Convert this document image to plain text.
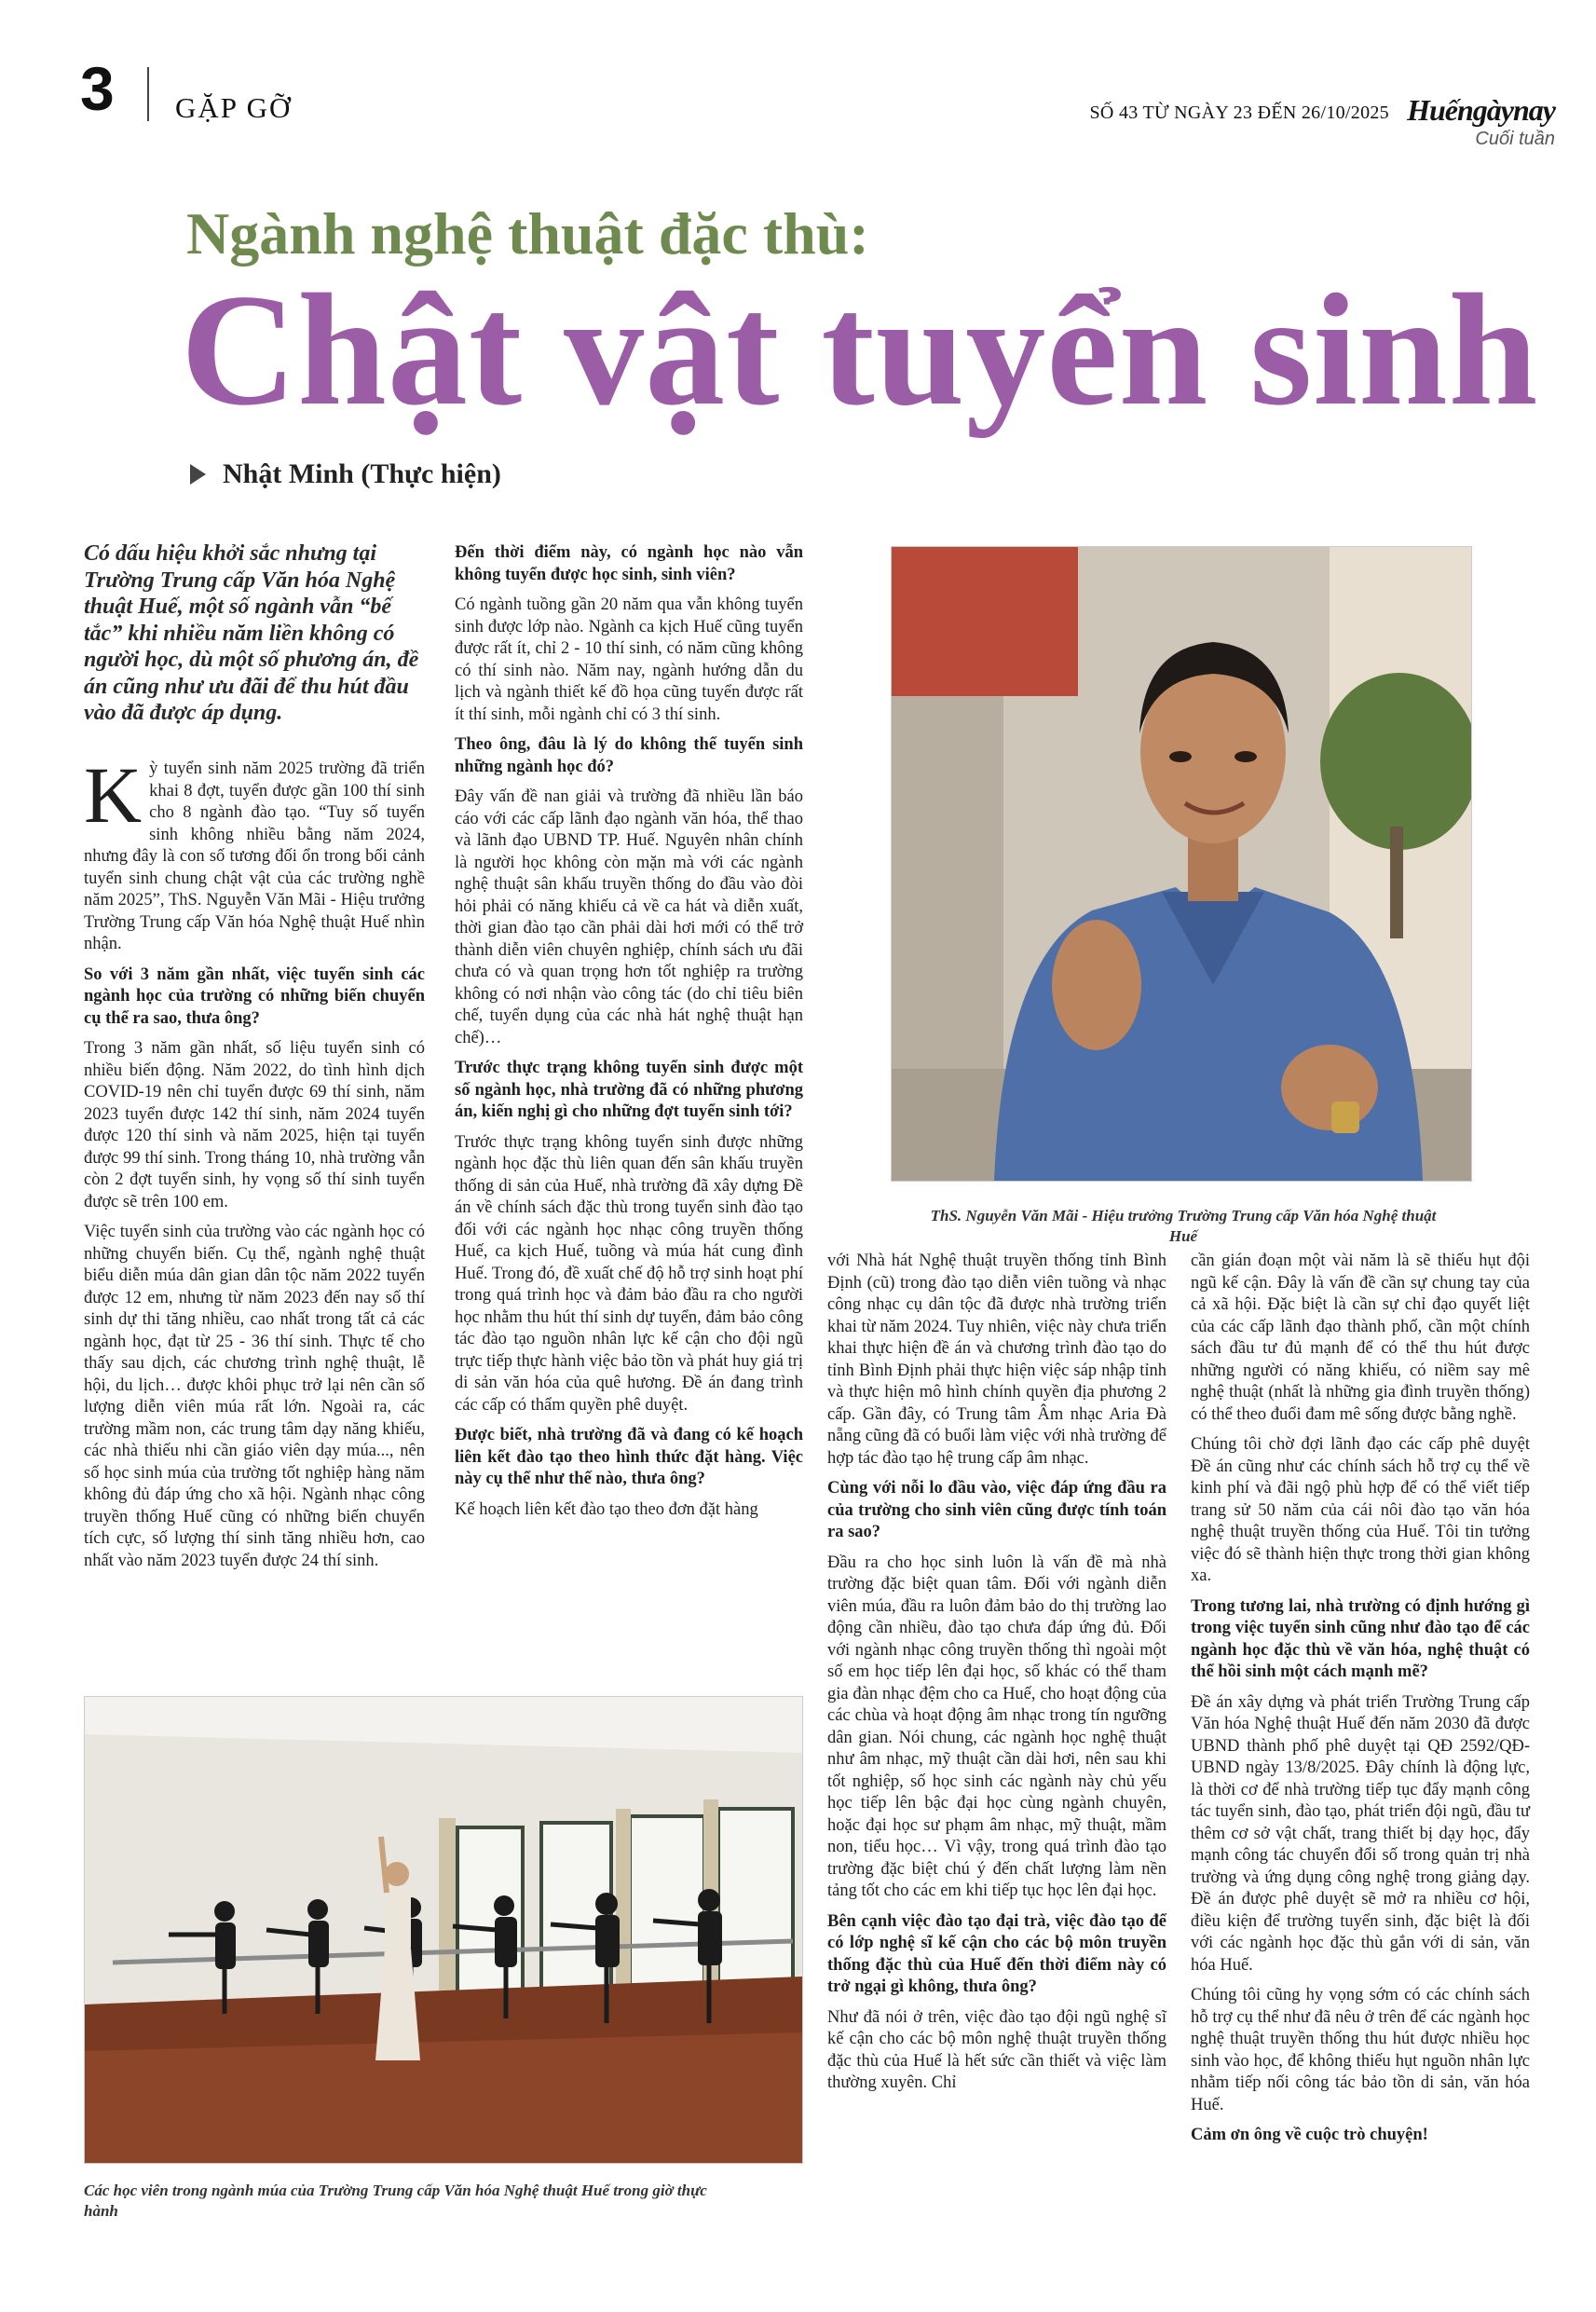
3 GẶP GỠ	SỐ 43 TỪ NGÀY 23 ĐẾN 26/10/2025 Huếngàynay
Cuối tuần
Ngành nghệ thuật đặc thù:
Chật vật tuyển sinh
Nhật Minh (Thực hiện)
Có dấu hiệu khởi sắc nhưng tại Trường Trung cấp Văn hóa Nghệ thuật Huế, một số ngành vẫn “bế tắc” khi nhiều năm liền không có người học, dù một số phương án, đề án cũng như ưu đãi để thu hút đầu vào đã được áp dụng.

Kỳ tuyển sinh năm 2025 trường đã triển khai 8 đợt, tuyển được gần 100 thí sinh cho 8 ngành đào tạo. “Tuy số tuyển sinh không nhiều bằng năm 2024, nhưng đây là con số tương đối ổn trong bối cảnh tuyển sinh chung chật vật của các trường nghề năm 2025”, ThS. Nguyễn Văn Mãi - Hiệu trưởng Trường Trung cấp Văn hóa Nghệ thuật Huế nhìn nhận.

So với 3 năm gần nhất, việc tuyển sinh các ngành học của trường có những biến chuyển cụ thể ra sao, thưa ông?

Trong 3 năm gần nhất, số liệu tuyển sinh có nhiều biến động. Năm 2022, do tình hình dịch COVID-19 nên chỉ tuyển được 69 thí sinh, năm 2023 tuyển được 142 thí sinh, năm 2024 tuyển được 120 thí sinh và năm 2025, hiện tại tuyển được 99 thí sinh. Trong tháng 10, nhà trường vẫn còn 2 đợt tuyển sinh, hy vọng số thí sinh tuyển được sẽ trên 100 em.

Việc tuyển sinh của trường vào các ngành học có những chuyển biến. Cụ thể, ngành nghệ thuật biểu diễn múa dân gian dân tộc năm 2022 tuyển được 12 em, nhưng từ năm 2023 đến nay số thí sinh dự thi tăng nhiều, cao nhất trong tất cả các ngành học, đạt từ 25 - 36 thí sinh. Thực tế cho thấy sau dịch, các chương trình nghệ thuật, lễ hội, du lịch… được khôi phục trở lại nên cần số lượng diễn viên múa rất lớn. Ngoài ra, các trường mầm non, các trung tâm dạy năng khiếu, các nhà thiếu nhi cần giáo viên dạy múa..., nên số học sinh múa của trường tốt nghiệp hàng năm không đủ đáp ứng cho xã hội. Ngành nhạc công truyền thống Huế cũng có những biến chuyển tích cực, số lượng thí sinh tăng nhiều hơn, cao nhất vào năm 2023 tuyển được 24 thí sinh.

Đến thời điểm này, có ngành học nào vẫn không tuyển được học sinh, sinh viên?

Có ngành tuồng gần 20 năm qua vẫn không tuyển sinh được lớp nào. Ngành ca kịch Huế cũng tuyển được rất ít, chỉ 2 - 10 thí sinh, có năm cũng không có thí sinh nào. Năm nay, ngành hướng dẫn du lịch và ngành thiết kế đồ họa cũng tuyển được rất ít thí sinh, mỗi ngành chỉ có 3 thí sinh.

Theo ông, đâu là lý do không thể tuyển sinh những ngành học đó?

Đây vấn đề nan giải và trường đã nhiều lần báo cáo với các cấp lãnh đạo ngành văn hóa, thể thao và lãnh đạo UBND TP. Huế. Nguyên nhân chính là người học không còn mặn mà với các ngành nghệ thuật sân khấu truyền thống do đầu vào đòi hỏi phải có năng khiếu cả về ca hát và diễn xuất, thời gian đào tạo cần phải dài hơi mới có thể trở thành diễn viên chuyên nghiệp, chính sách ưu đãi chưa có và quan trọng hơn tốt nghiệp ra trường không có nơi nhận vào công tác (do chỉ tiêu biên chế, tuyển dụng của các nhà hát nghệ thuật hạn chế)…

Trước thực trạng không tuyển sinh được một số ngành học, nhà trường đã có những phương án, kiến nghị gì cho những đợt tuyển sinh tới?

Trước thực trạng không tuyển sinh được những ngành học đặc thù liên quan đến sân khấu truyền thống di sản của Huế, nhà trường đã xây dựng Đề án về chính sách đặc thù trong tuyển sinh đào tạo đối với các ngành học nhạc công truyền thống Huế, ca kịch Huế, tuồng và múa hát cung đình Huế. Trong đó, đề xuất chế độ hỗ trợ sinh hoạt phí trong quá trình học và đảm bảo đầu ra cho người học nhằm thu hút thí sinh dự tuyển, đảm bảo công tác đào tạo nguồn nhân lực kế cận cho đội ngũ trực tiếp thực hành việc bảo tồn và phát huy giá trị di sản văn hóa của quê hương. Đề án đang trình các cấp có thẩm quyền phê duyệt.

Được biết, nhà trường đã và đang có kế hoạch liên kết đào tạo theo hình thức đặt hàng. Việc này cụ thể như thế nào, thưa ông?

Kế hoạch liên kết đào tạo theo đơn đặt hàng

ThS. Nguyễn Văn Mãi - Hiệu trưởng Trường Trung cấp Văn hóa Nghệ thuật Huế

với Nhà hát Nghệ thuật truyền thống tỉnh Bình Định (cũ) trong đào tạo diễn viên tuồng và nhạc công nhạc cụ dân tộc đã được nhà trường triển khai từ năm 2024. Tuy nhiên, việc này chưa triển khai thực hiện đề án và chương trình đào tạo do tỉnh Bình Định phải thực hiện việc sáp nhập tỉnh và thực hiện mô hình chính quyền địa phương 2 cấp. Gần đây, có Trung tâm Âm nhạc Aria Đà nẵng cũng đã có buổi làm việc với nhà trường để hợp tác đào tạo hệ trung cấp âm nhạc.

Cùng với nỗi lo đầu vào, việc đáp ứng đầu ra của trường cho sinh viên cũng được tính toán ra sao?

Đầu ra cho học sinh luôn là vấn đề mà nhà trường đặc biệt quan tâm. Đối với ngành diễn viên múa, đầu ra luôn đảm bảo do thị trường lao động cần nhiều, đào tạo chưa đáp ứng đủ. Đối với ngành nhạc công truyền thống thì ngoài một số em học tiếp lên đại học, số khác có thể tham gia đàn nhạc đệm cho ca Huế, cho hoạt động của các chùa và hoạt động âm nhạc trong tín ngưỡng dân gian. Nói chung, các ngành học nghệ thuật như âm nhạc, mỹ thuật cần dài hơi, nên sau khi tốt nghiệp, số học sinh các ngành này chủ yếu học tiếp lên bậc đại học cùng ngành chuyên, hoặc đại học sư phạm âm nhạc, mỹ thuật, mầm non, tiểu học… Vì vậy, trong quá trình đào tạo trường đặc biệt chú ý đến chất lượng làm nền tảng tốt cho các em khi tiếp tục học lên đại học.

Bên cạnh việc đào tạo đại trà, việc đào tạo để có lớp nghệ sĩ kế cận cho các bộ môn truyền thống đặc thù của Huế đến thời điểm này có trở ngại gì không, thưa ông?

Như đã nói ở trên, việc đào tạo đội ngũ nghệ sĩ kế cận cho các bộ môn nghệ thuật truyền thống đặc thù của Huế là hết sức cần thiết và việc làm thường xuyên. Chỉ

cần gián đoạn một vài năm là sẽ thiếu hụt đội ngũ kế cận. Đây là vấn đề cần sự chung tay của cả xã hội. Đặc biệt là cần sự chỉ đạo quyết liệt của các cấp lãnh đạo thành phố, cần một chính sách đầu tư đủ mạnh để có thể thu hút được những người có năng khiếu, có niềm say mê nghệ thuật (nhất là những gia đình truyền thống) có thể theo đuổi đam mê sống được bằng nghề.

Chúng tôi chờ đợi lãnh đạo các cấp phê duyệt Đề án cũng như các chính sách hỗ trợ cụ thể về kinh phí và đãi ngộ phù hợp để có thể viết tiếp trang sử 50 năm của cái nôi đào tạo văn hóa nghệ thuật truyền thống của Huế. Tôi tin tưởng việc đó sẽ thành hiện thực trong thời gian không xa.

Trong tương lai, nhà trường có định hướng gì trong việc tuyển sinh cũng như đào tạo để các ngành học đặc thù về văn hóa, nghệ thuật có thể hồi sinh một cách mạnh mẽ?

Đề án xây dựng và phát triển Trường Trung cấp Văn hóa Nghệ thuật Huế đến năm 2030 đã được UBND thành phố phê duyệt tại QĐ 2592/QĐ-UBND ngày 13/8/2025. Đây chính là động lực, là thời cơ để nhà trường tiếp tục đẩy mạnh công tác tuyển sinh, đào tạo, phát triển đội ngũ, đầu tư thêm cơ sở vật chất, trang thiết bị dạy học, đẩy mạnh công tác chuyển đổi số trong quản trị nhà trường và ứng dụng công nghệ trong giảng dạy. Đề án được phê duyệt sẽ mở ra nhiều cơ hội, điều kiện để trường tuyển sinh, đặc biệt là đối với các ngành học đặc thù gắn với di sản, văn hóa Huế.

Chúng tôi cũng hy vọng sớm có các chính sách hỗ trợ cụ thể như đã nêu ở trên để các ngành học nghệ thuật truyền thống thu hút được nhiều học sinh vào học, để không thiếu hụt nguồn nhân lực nhằm tiếp nối công tác bảo tồn di sản, văn hóa Huế.

Cảm ơn ông về cuộc trò chuyện!

Các học viên trong ngành múa của Trường Trung cấp Văn hóa Nghệ thuật Huế trong giờ thực hành
